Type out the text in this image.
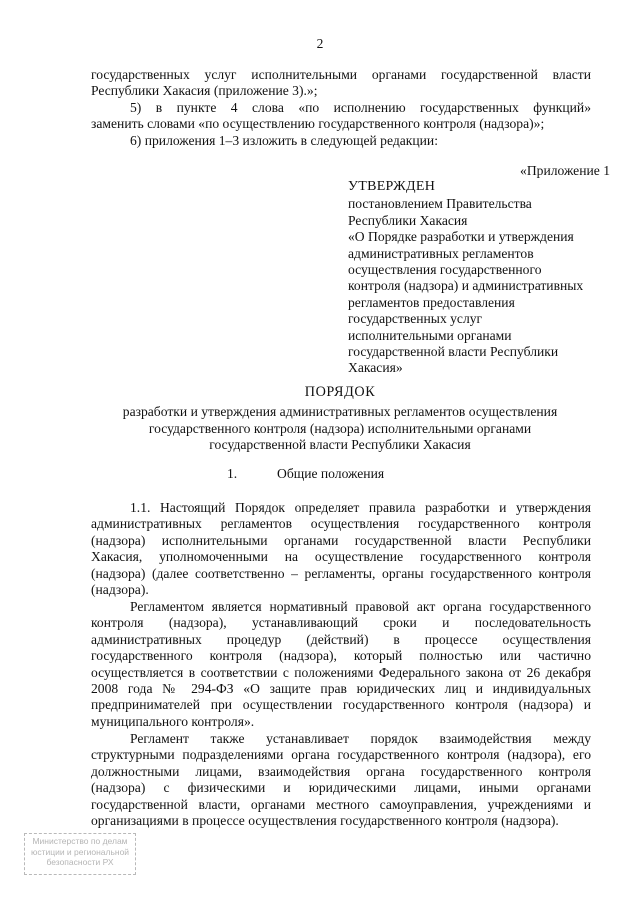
2
государственных услуг исполнительными органами государственной власти
Республики Хакасия (приложение 3).»;
5) в пункте 4 слова «по исполнению государственных функций»
заменить словами «по осуществлению государственного контроля (надзора)»;
6) приложения 1–3 изложить в следующей редакции:
«Приложение 1
УТВЕРЖДЕН
постановлением Правительства
Республики Хакасия
«О Порядке разработки и утверждения
административных регламентов
осуществления государственного
контроля (надзора) и административных
регламентов предоставления
государственных услуг
исполнительными органами
государственной власти Республики
Хакасия»
ПОРЯДОК
разработки и утверждения административных регламентов осуществления
государственного контроля (надзора) исполнительными органами
государственной власти Республики Хакасия
1.	Общие положения
1.1. Настоящий Порядок определяет правила разработки и утверждения
административных регламентов осуществления государственного контроля
(надзора) исполнительными органами государственной власти Республики
Хакасия, уполномоченными на осуществление государственного контроля
(надзора) (далее соответственно – регламенты, органы государственного контроля
(надзора).
Регламентом является нормативный правовой акт органа государственного
контроля (надзора), устанавливающий сроки и последовательность
административных процедур (действий) в процессе осуществления
государственного контроля (надзора), который полностью или частично
осуществляется в соответствии с положениями Федерального закона от 26 декабря
2008 года № 294-ФЗ «О защите прав юридических лиц и индивидуальных
предпринимателей при осуществлении государственного контроля (надзора) и
муниципального контроля».
Регламент также устанавливает порядок взаимодействия между
структурными подразделениями органа государственного контроля (надзора), его
должностными лицами, взаимодействия органа государственного контроля
(надзора) с физическими и юридическими лицами, иными органами
государственной власти, органами местного самоуправления, учреждениями и
организациями в процессе осуществления государственного контроля (надзора).
Министерство по делам
юстиции и региональной
безопасности РХ
